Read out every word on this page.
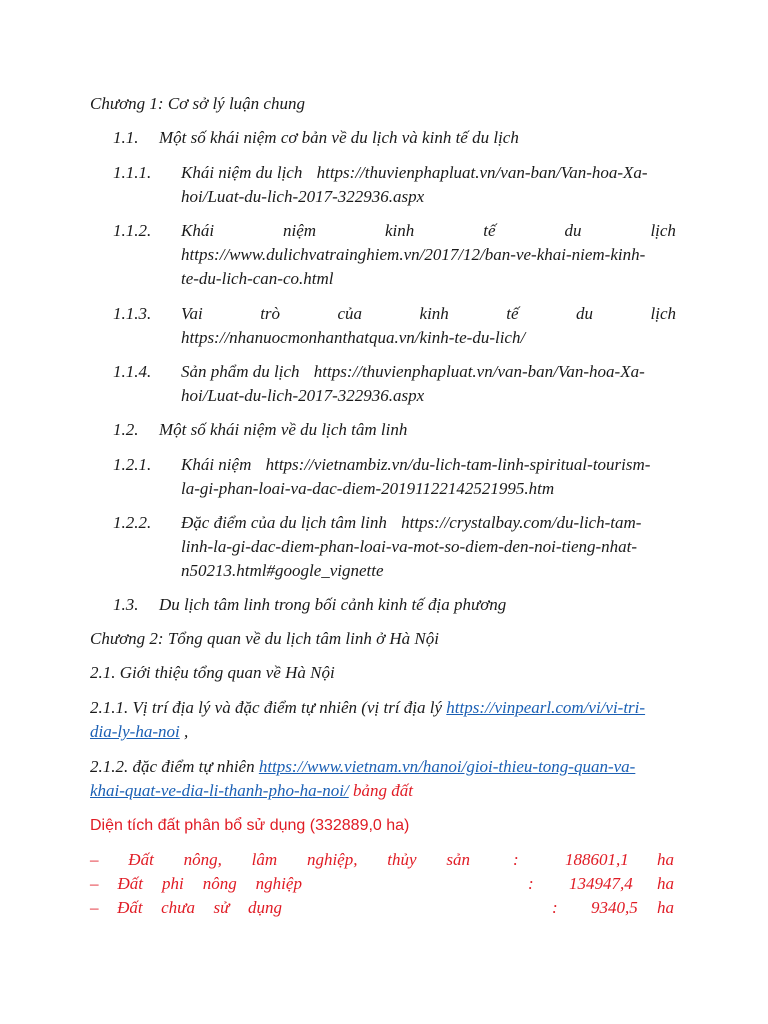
Chương 1: Cơ sở lý luận chung
1.1. Một số khái niệm cơ bản về du lịch và kinh tế du lịch
1.1.1. Khái niệm du lịch https://thuvienphapluat.vn/van-ban/Van-hoa-Xa-
hoi/Luat-du-lich-2017-322936.aspx
1.1.2. Khái	niệm	kinh	tế	du	lịch
https://www.dulichvatrainghiem.vn/2017/12/ban-ve-khai-niem-kinh-
te-du-lich-can-co.html
1.1.3. Vai	trò	của	kinh	tế	du	lịch
https://nhanuocmonhanthatqua.vn/kinh-te-du-lich/
1.1.4. Sản phẩm du lịch https://thuvienphapluat.vn/van-ban/Van-hoa-Xa-
hoi/Luat-du-lich-2017-322936.aspx
1.2. Một số khái niệm về du lịch tâm linh
1.2.1. Khái niệm https://vietnambiz.vn/du-lich-tam-linh-spiritual-tourism-
la-gi-phan-loai-va-dac-diem-20191122142521995.htm
1.2.2. Đặc điểm của du lịch tâm linh https://crystalbay.com/du-lich-tam-
linh-la-gi-dac-diem-phan-loai-va-mot-so-diem-den-noi-tieng-nhat-
n50213.html#google_vignette
1.3. Du lịch tâm linh trong bối cảnh kinh tế địa phương
Chương 2: Tổng quan về du lịch tâm linh ở Hà Nội
2.1. Giới thiệu tổng quan về Hà Nội
2.1.1. Vị trí địa lý và đặc điểm tự nhiên (vị trí địa lý https://vinpearl.com/vi/vi-tri-
dia-ly-ha-noi ,
2.1.2. đặc điểm tự nhiên https://www.vietnam.vn/hanoi/gioi-thieu-tong-quan-va-
khai-quat-ve-dia-li-thanh-pho-ha-noi/ bảng đất
Diện tích đất phân bổ sử dụng (332889,0 ha)
– Đất nông, lâm nghiệp, thủy sản	:	188601,1 ha
– Đất phi nông nghiệp	: 134947,4 ha
– Đất chưa sử dụng	: 9340,5 ha
